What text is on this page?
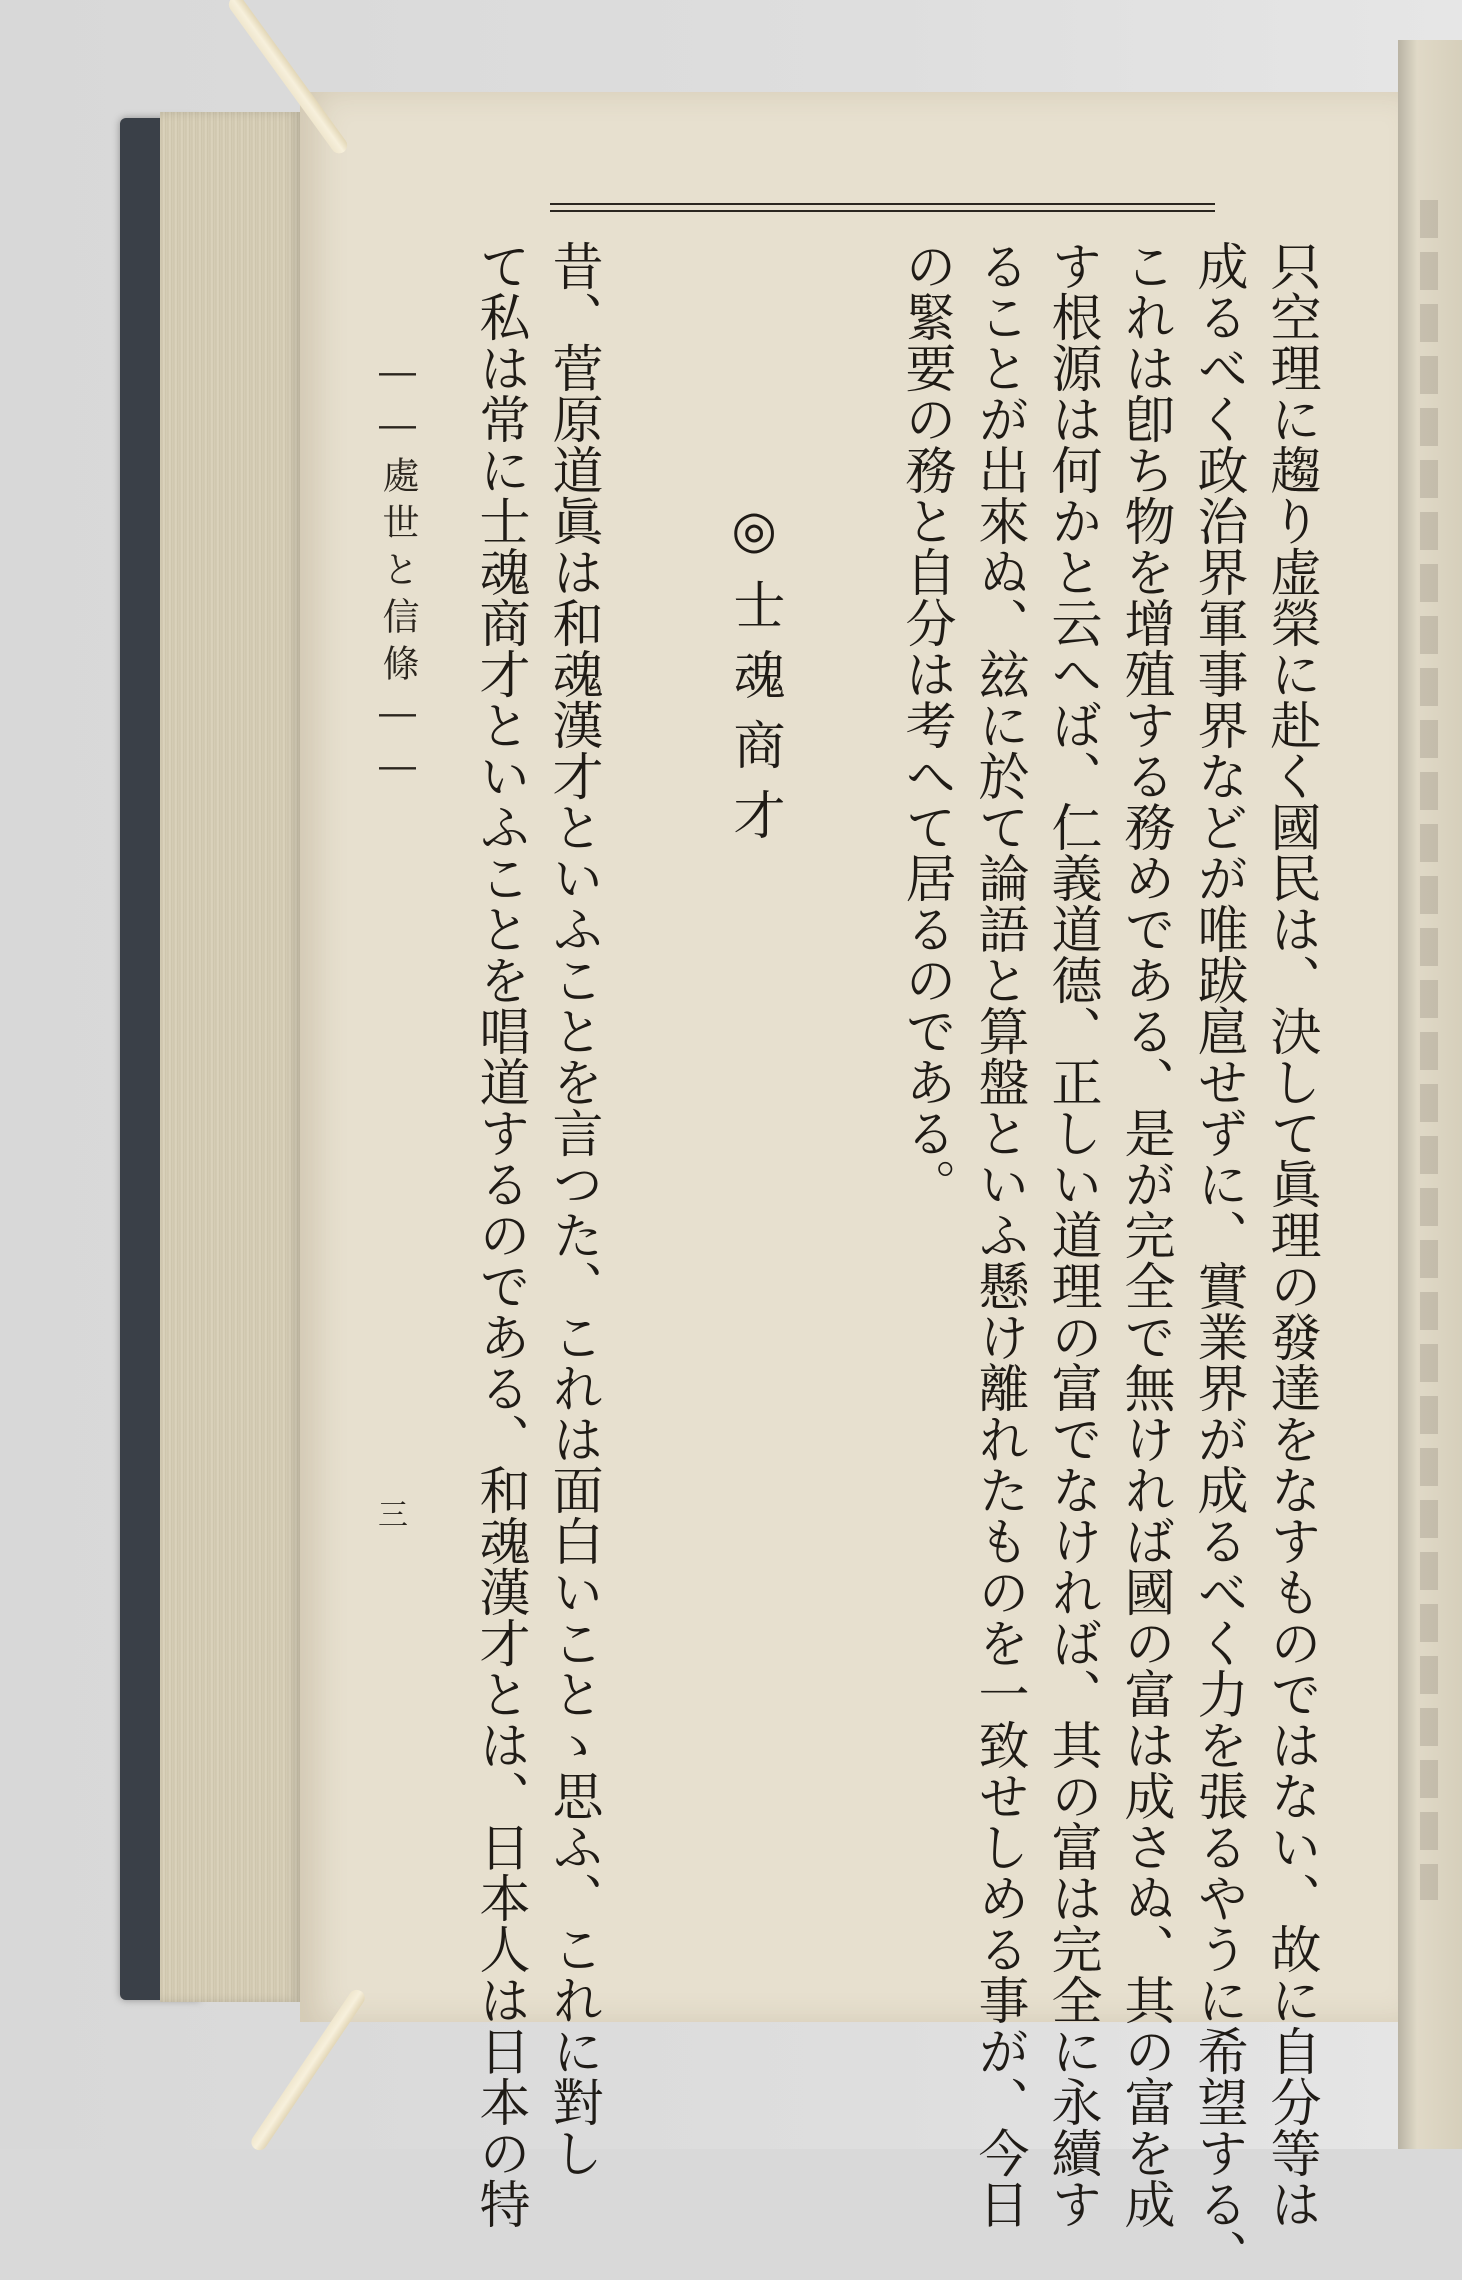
只空理に趨り虚榮に赴く國民は、決して眞理の發達をなすものではない、故に自分等は
成るべく政治界軍事界などが唯跋扈せずに、實業界が成るべく力を張るやうに希望する、
これは卽ち物を增殖する務めである、是が完全で無ければ國の富は成さぬ、其の富を成
す根源は何かと云へば、仁義道德、正しい道理の富でなければ、其の富は完全に永續す
ることが出來ぬ、玆に於て論語と算盤といふ懸け離れたものを一致せしめる事が、今日
の緊要の務と自分は考へて居るのである。
◎士魂商才
昔、菅原道眞は和魂漢才といふことを言つた、これは面白いことゝ思ふ、これに對し
て私は常に士魂商才といふことを唱道するのである、和魂漢才とは、日本人は日本の特
――處世と信條――
三
